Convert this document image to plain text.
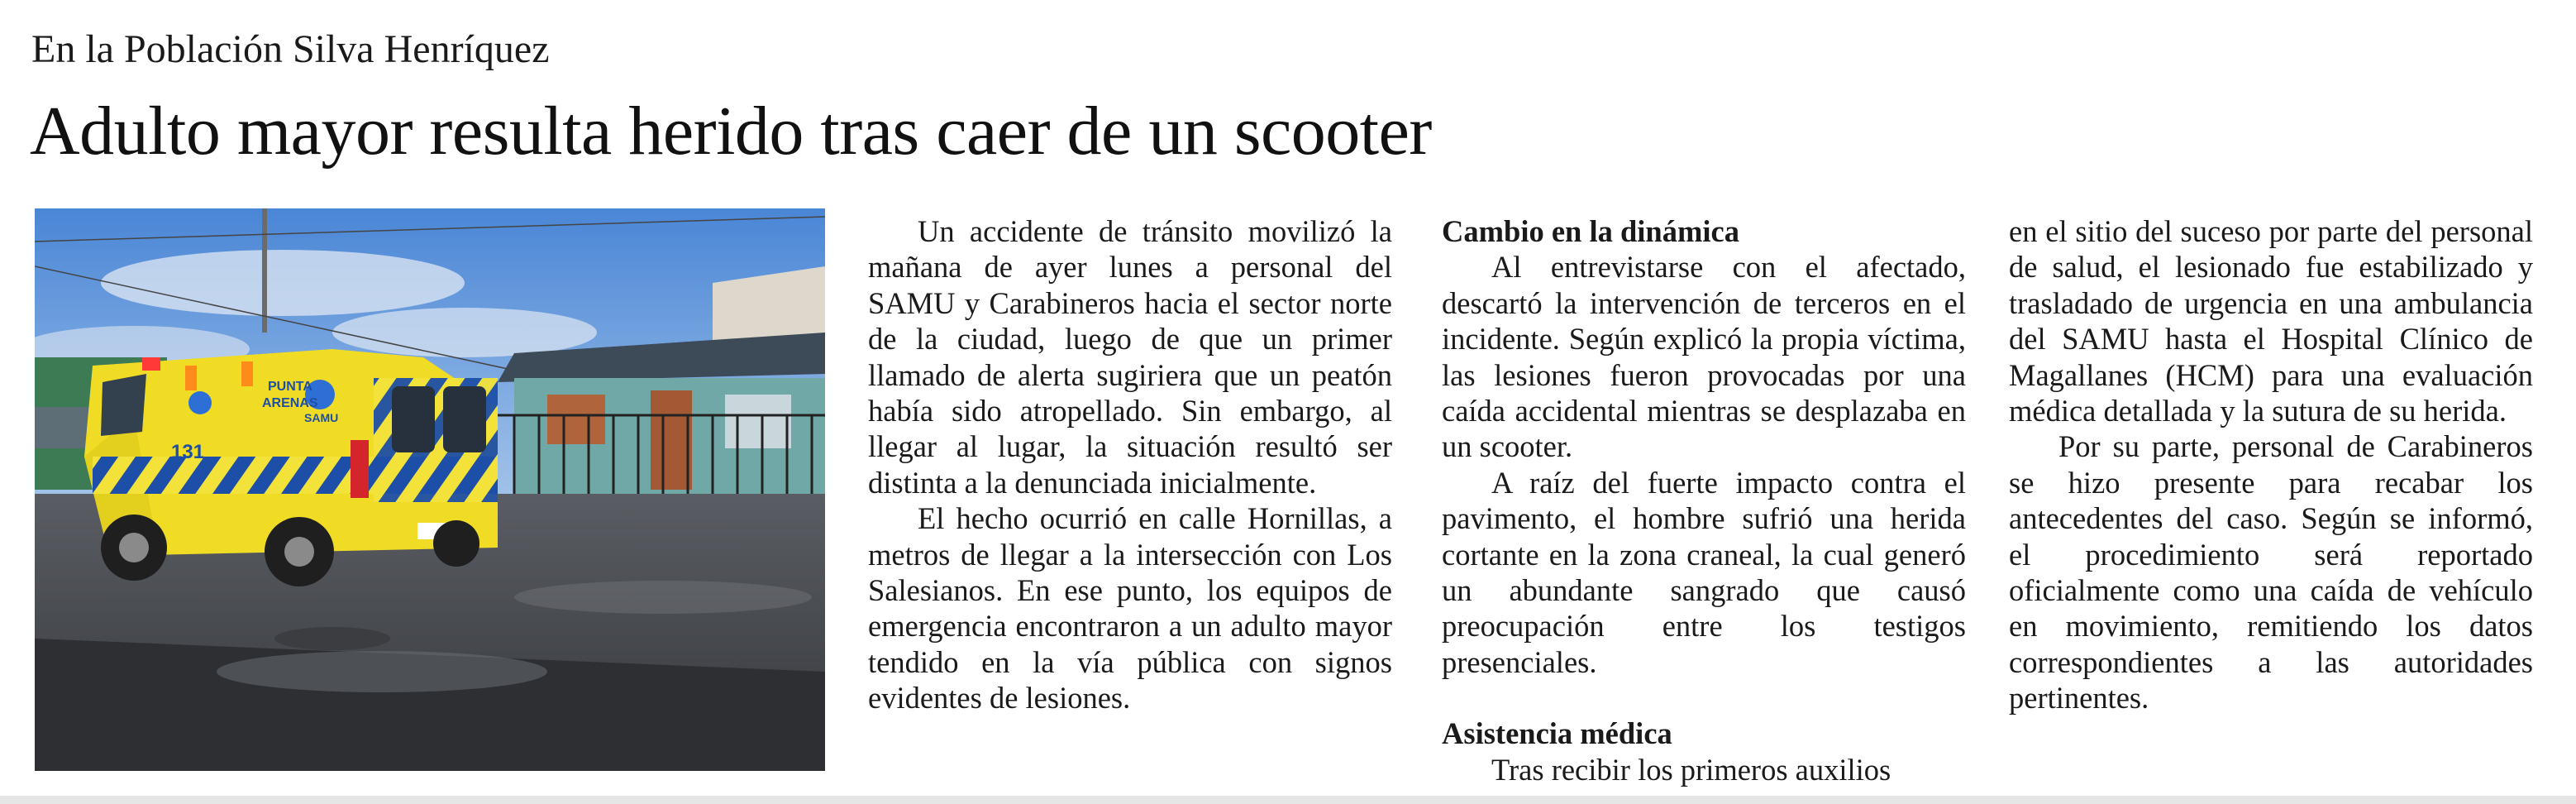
En la Población Silva Henríquez
Adulto mayor resulta herido tras caer de un scooter
PUNTA
ARENAS
SAMU
131

Un accidente de tránsito movilizó la mañana de ayer lunes a personal del SAMU y Carabineros hacia el sector norte de la ciudad, luego de que un primer llamado de alerta sugiriera que un peatón había sido atropellado. Sin embargo, al llegar al lugar, la situación resultó ser distinta a la denunciada inicialmente.

El hecho ocurrió en calle Hornillas, a metros de llegar a la intersección con Los Salesianos. En ese punto, los equipos de emergencia encontraron a un adulto mayor tendido en la vía pública con signos evidentes de lesiones.

Cambio en la dinámica

Al entrevistarse con el afectado, descartó la intervención de terceros en el incidente. Según explicó la propia víctima, las lesiones fueron provocadas por una caída accidental mientras se desplazaba en un scooter.

A raíz del fuerte impacto contra el pavimento, el hombre sufrió una herida cortante en la zona craneal, la cual generó un abundante sangrado que causó preocupación entre los testigos presenciales.

Asistencia médica

Tras recibir los primeros auxilios

en el sitio del suceso por parte del personal de salud, el lesionado fue estabilizado y trasladado de urgencia en una ambulancia del SAMU hasta el Hospital Clínico de Magallanes (HCM) para una evaluación médica detallada y la sutura de su herida.

Por su parte, personal de Carabineros se hizo presente para recabar los antecedentes del caso. Según se informó, el procedimiento será reportado oficialmente como una caída de vehículo en movimiento, remitiendo los datos correspondientes a las autoridades pertinentes.
